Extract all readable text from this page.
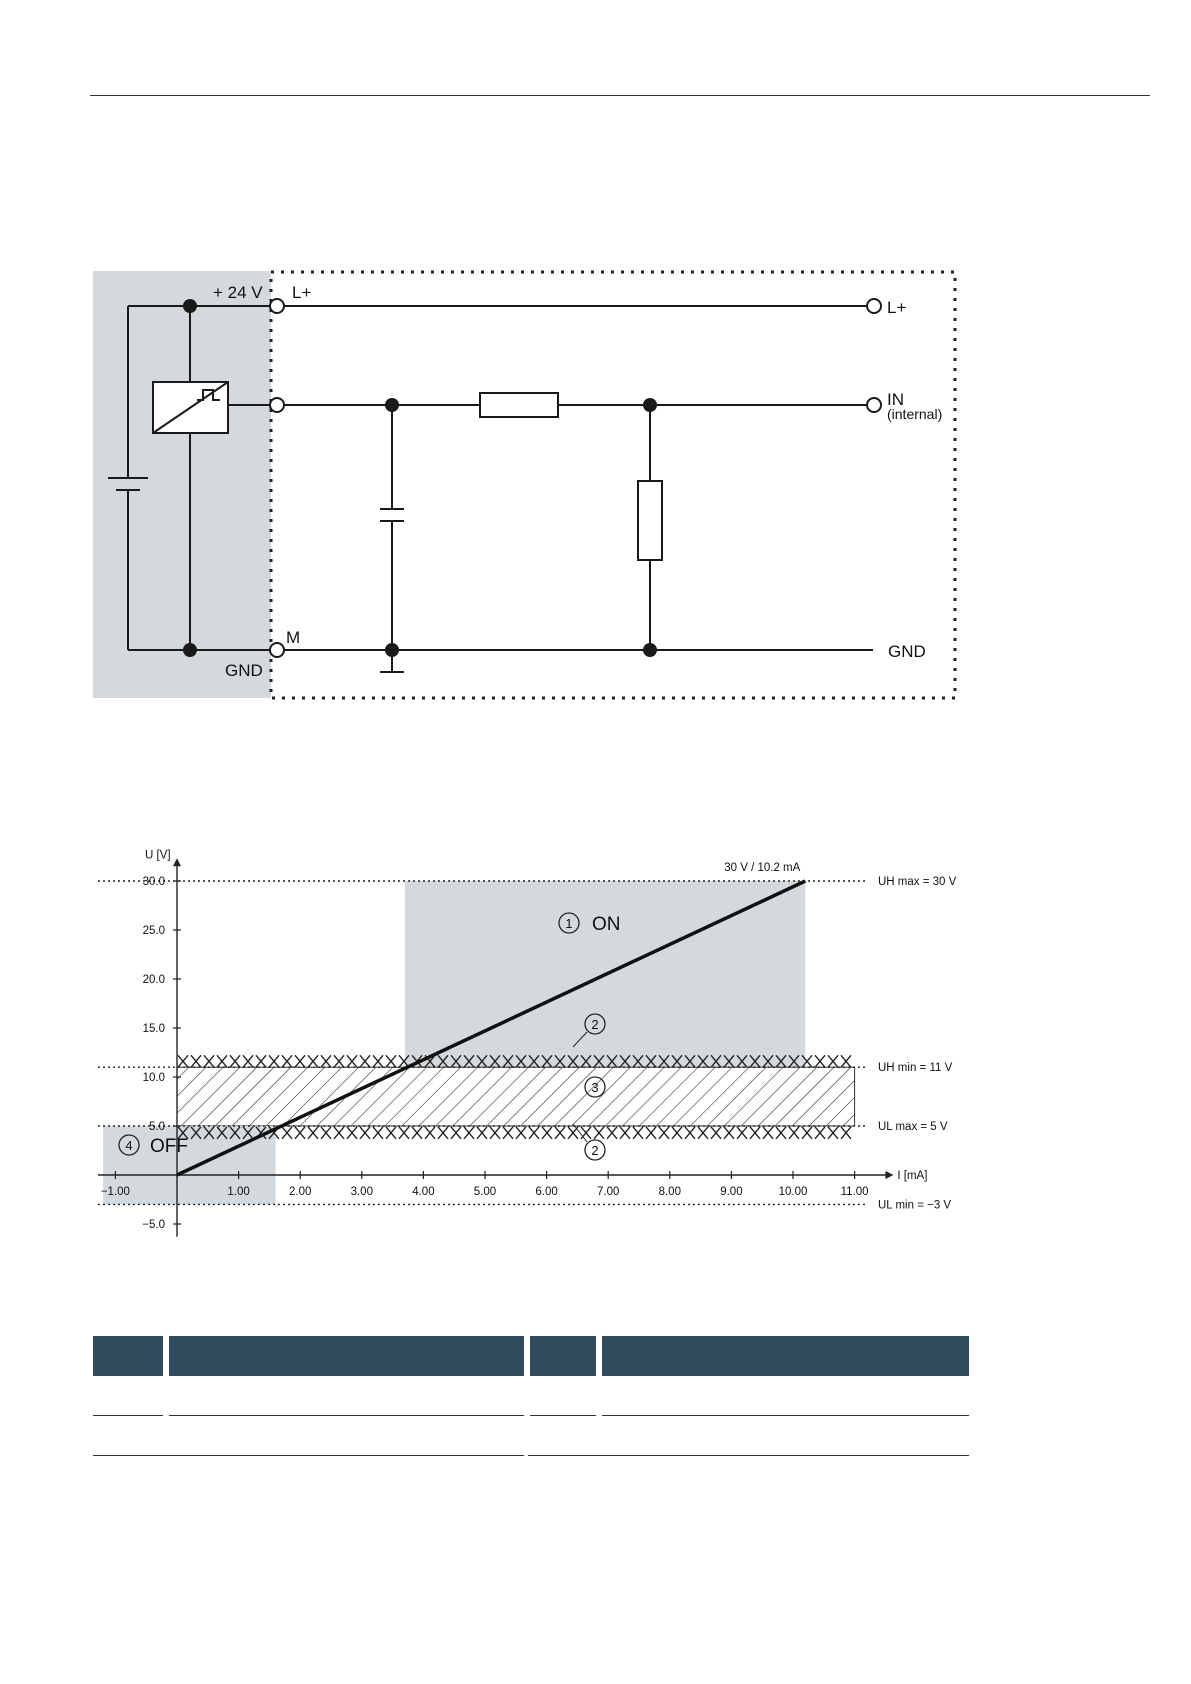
+ 24 V L+
L+
IN
(internal)
M
GND
GND
UH max = 30 V
UH min = 11 V
UL max = 5 V
UL min = −3 V
U [V]
I [mA]
−1.00	1.00	2.00	3.00	4.00	5.00	6.00	7.00	8.00	9.00	10.00	11.00
−5.0
5.0
10.0
15.0
20.0
25.0
30.0
30 V / 10.2 mA
1 ON
4 OFF
3
2
2
